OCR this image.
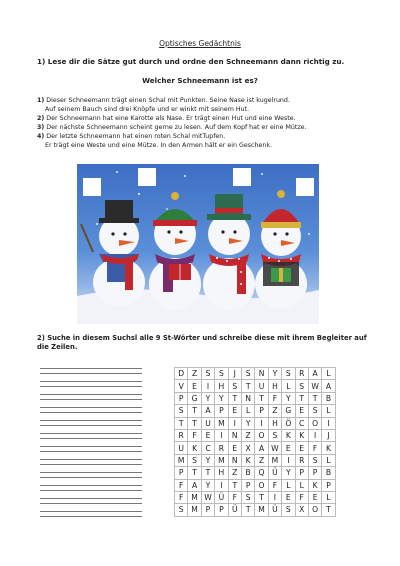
Optisches Gedächtnis
1) Lese dir die Sätze gut durch und ordne den Schneemann dann richtig zu.
Welcher Schneemann ist es?
1) Dieser Schneemann trägt einen Schal mit Punkten. Seine Nase ist kugelrund.
Auf seinem Bauch sind drei Knöpfe und er winkt mit seinem Hut.
2) Der Schneemann hat eine Karotte als Nase. Er trägt einen Hut und eine Weste.
3) Der nächste Schneemann scheint gerne zu lesen. Auf dem Kopf hat er eine Mütze.
4) Der letzte Schneemann hat einen roten Schal mitTupfen.
Er trägt eine Weste und eine Mütze. In den Armen hält er ein Geschenk.
2) Suche in diesem Suchsl alle 9 St-Wörter und schreibe diese mit ihrem Begleiter auf die Zeilen.
D	Z	S	S	J	S	N	Y	S	R	A	L
V	E	I	H	S	T	U	H	L	S	W	A
P	G	Y	Y	T	N	T	F	Y	T	T	B
S	T	A	P	E	L	P	Z	G	E	S	L
T	T	U	M	I	Y	I	H	Ö	C	O	I
R	F	E	I	N	Z	O	S	K	K	I	J
U	K	C	R	E	X	A	W	E	E	F	K
M	S	Y	M	N	K	Z	M	I	R	S	L
P	T	T	H	Z	B	Q	Ü	Y	P	P	B
F	A	Y	I	T	P	O	F	L	L	K	P
F	M	W	Ü	F	S	T	I	E	F	E	L
S	M	P	P	Ü	T	M	Ü	S	X	O	T
